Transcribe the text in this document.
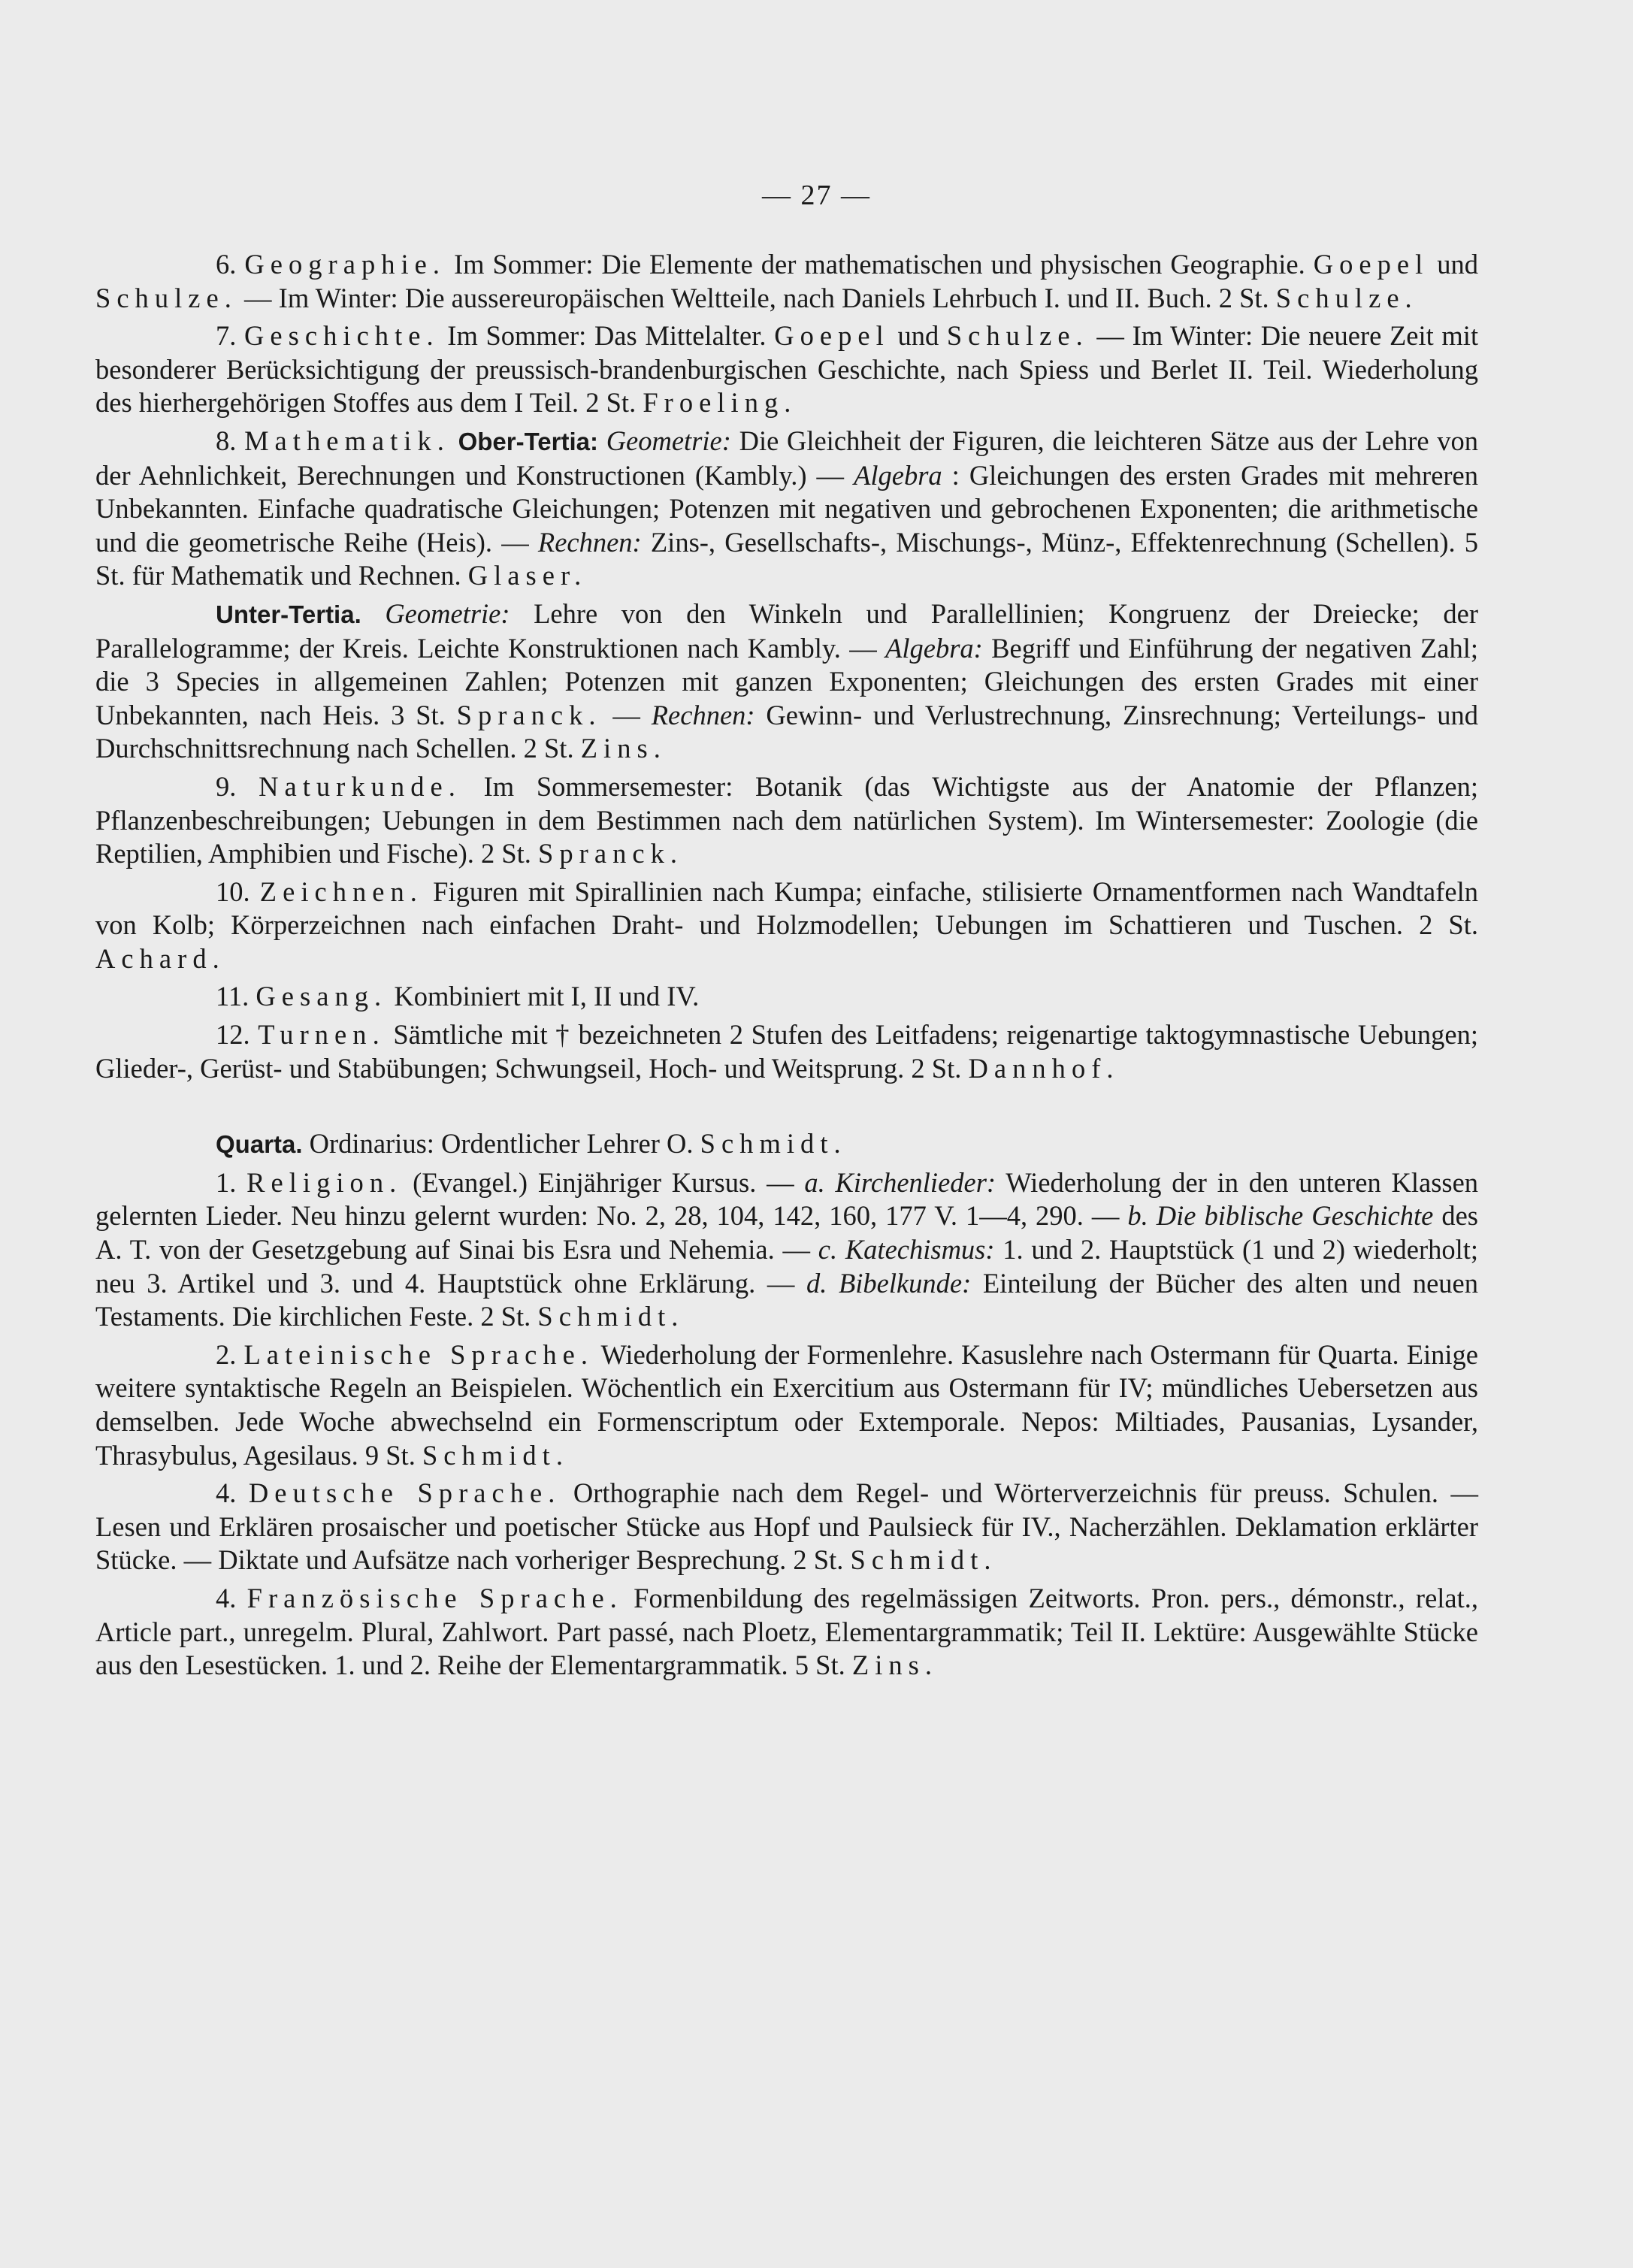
— 27 —

6. Geographie. Im Sommer: Die Elemente der mathematischen und physischen Geographie. Goepel und Schulze. — Im Winter: Die aussereuropäischen Weltteile, nach Daniels Lehrbuch I. und II. Buch. 2 St. Schulze.

7. Geschichte. Im Sommer: Das Mittelalter. Goepel und Schulze. — Im Winter: Die neuere Zeit mit besonderer Berücksichtigung der preussisch-brandenburgischen Geschichte, nach Spiess und Berlet II. Teil. Wiederholung des hierhergehörigen Stoffes aus dem I Teil. 2 St. Froeling.

8. Mathematik. Ober-Tertia: Geometrie: Die Gleichheit der Figuren, die leichteren Sätze aus der Lehre von der Aehnlichkeit, Berechnungen und Konstructionen (Kambly.) — Algebra : Gleichungen des ersten Grades mit mehreren Unbekannten. Einfache quadratische Gleichungen; Potenzen mit negativen und gebrochenen Exponenten; die arithmetische und die geometrische Reihe (Heis). — Rechnen: Zins-, Gesellschafts-, Mischungs-, Münz-, Effektenrechnung (Schellen). 5 St. für Mathematik und Rechnen. Glaser.

Unter-Tertia. Geometrie: Lehre von den Winkeln und Parallellinien; Kongruenz der Dreiecke; der Parallelogramme; der Kreis. Leichte Konstruktionen nach Kambly. — Algebra: Begriff und Einführung der negativen Zahl; die 3 Species in allgemeinen Zahlen; Potenzen mit ganzen Exponenten; Gleichungen des ersten Grades mit einer Unbekannten, nach Heis. 3 St. Spranck. — Rechnen: Gewinn- und Verlustrechnung, Zinsrechnung; Verteilungs- und Durchschnittsrechnung nach Schellen. 2 St. Zins.

9. Naturkunde. Im Sommersemester: Botanik (das Wichtigste aus der Anatomie der Pflanzen; Pflanzenbeschreibungen; Uebungen in dem Bestimmen nach dem natürlichen System). Im Wintersemester: Zoologie (die Reptilien, Amphibien und Fische). 2 St. Spranck.

10. Zeichnen. Figuren mit Spirallinien nach Kumpa; einfache, stilisierte Ornamentformen nach Wandtafeln von Kolb; Körperzeichnen nach einfachen Draht- und Holzmodellen; Uebungen im Schattieren und Tuschen. 2 St. Achard.

11. Gesang. Kombiniert mit I, II und IV.

12. Turnen. Sämtliche mit † bezeichneten 2 Stufen des Leitfadens; reigenartige taktogymnastische Uebungen; Glieder-, Gerüst- und Stabübungen; Schwungseil, Hoch- und Weitsprung. 2 St. Dannhof.

Quarta. Ordinarius: Ordentlicher Lehrer O. Schmidt.

1. Religion. (Evangel.) Einjähriger Kursus. — a. Kirchenlieder: Wiederholung der in den unteren Klassen gelernten Lieder. Neu hinzu gelernt wurden: No. 2, 28, 104, 142, 160, 177 V. 1—4, 290. — b. Die biblische Geschichte des A. T. von der Gesetzgebung auf Sinai bis Esra und Nehemia. — c. Katechismus: 1. und 2. Hauptstück (1 und 2) wiederholt; neu 3. Artikel und 3. und 4. Hauptstück ohne Erklärung. — d. Bibelkunde: Einteilung der Bücher des alten und neuen Testaments. Die kirchlichen Feste. 2 St. Schmidt.

2. Lateinische Sprache. Wiederholung der Formenlehre. Kasuslehre nach Ostermann für Quarta. Einige weitere syntaktische Regeln an Beispielen. Wöchentlich ein Exercitium aus Ostermann für IV; mündliches Uebersetzen aus demselben. Jede Woche abwechselnd ein Formenscriptum oder Extemporale. Nepos: Miltiades, Pausanias, Lysander, Thrasybulus, Agesilaus. 9 St. Schmidt.

4. Deutsche Sprache. Orthographie nach dem Regel- und Wörterverzeichnis für preuss. Schulen. — Lesen und Erklären prosaischer und poetischer Stücke aus Hopf und Paulsieck für IV., Nacherzählen. Deklamation erklärter Stücke. — Diktate und Aufsätze nach vorheriger Besprechung. 2 St. Schmidt.

4. Französische Sprache. Formenbildung des regelmässigen Zeitworts. Pron. pers., démonstr., relat., Article part., unregelm. Plural, Zahlwort. Part passé, nach Ploetz, Elementargrammatik; Teil II. Lektüre: Ausgewählte Stücke aus den Lesestücken. 1. und 2. Reihe der Elementargrammatik. 5 St. Zins.
